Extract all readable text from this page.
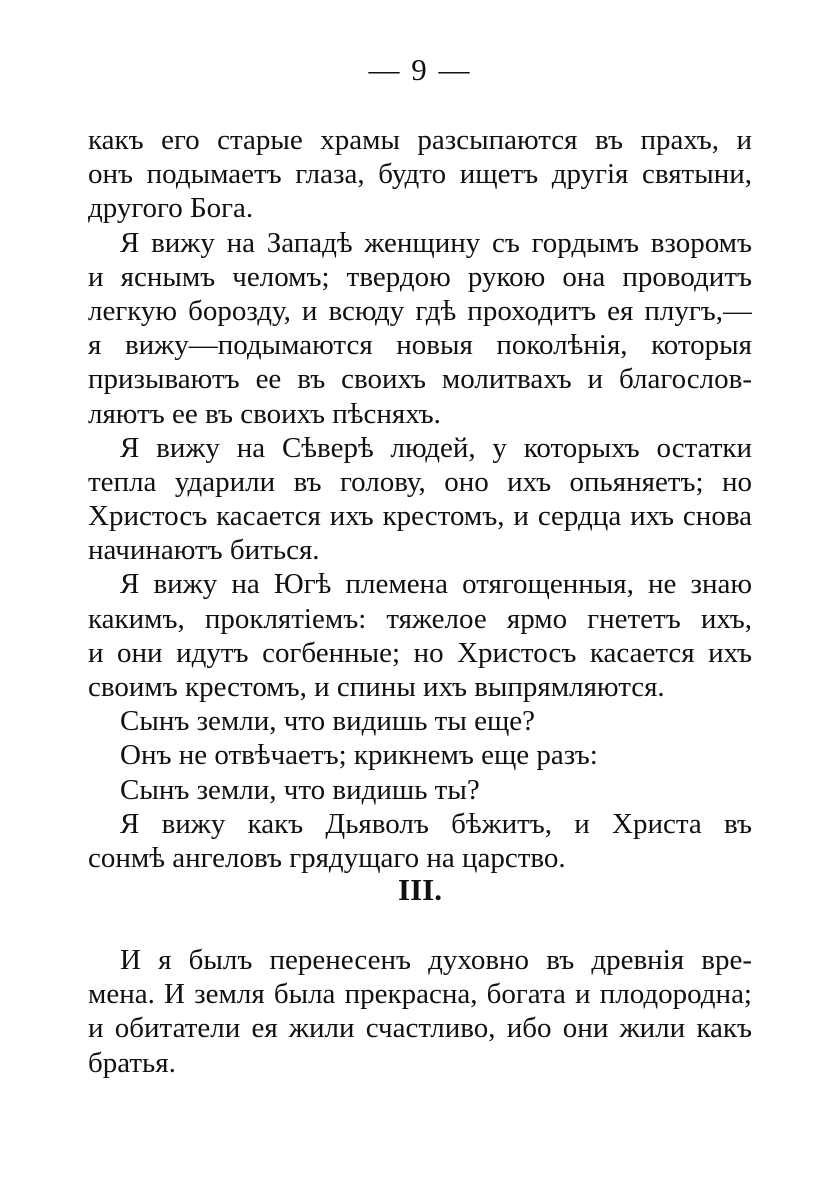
— 9 —
какъ его старые храмы разсыпаются въ прахъ, и
онъ подымаетъ глаза, будто ищетъ другія святыни,
другого Бога.
Я вижу на Западѣ женщину съ гордымъ взоромъ
и яснымъ челомъ; твердою рукою она проводитъ
легкую борозду, и всюду гдѣ проходитъ ея плугъ,—
я вижу—подымаются новыя поколѣнія, которыя
призываютъ ее въ своихъ молитвахъ и благослов-
ляютъ ее въ своихъ пѣсняхъ.
Я вижу на Сѣверѣ людей, у которыхъ остатки
тепла ударили въ голову, оно ихъ опьяняетъ; но
Христосъ касается ихъ крестомъ, и сердца ихъ снова
начинаютъ биться.
Я вижу на Югѣ племена отягощенныя, не знаю
какимъ, проклятіемъ: тяжелое ярмо гнететъ ихъ,
и они идутъ согбенные; но Христосъ касается ихъ
своимъ крестомъ, и спины ихъ выпрямляются.
Сынъ земли, что видишь ты еще?
Онъ не отвѣчаетъ; крикнемъ еще разъ:
Сынъ земли, что видишь ты?
Я вижу какъ Дьяволъ бѣжитъ, и Христа въ
сонмѣ ангеловъ грядущаго на царство.
III.
И я былъ перенесенъ духовно въ древнія вре-
мена. И земля была прекрасна, богата и плодородна;
и обитатели ея жили счастливо, ибо они жили какъ
братья.
